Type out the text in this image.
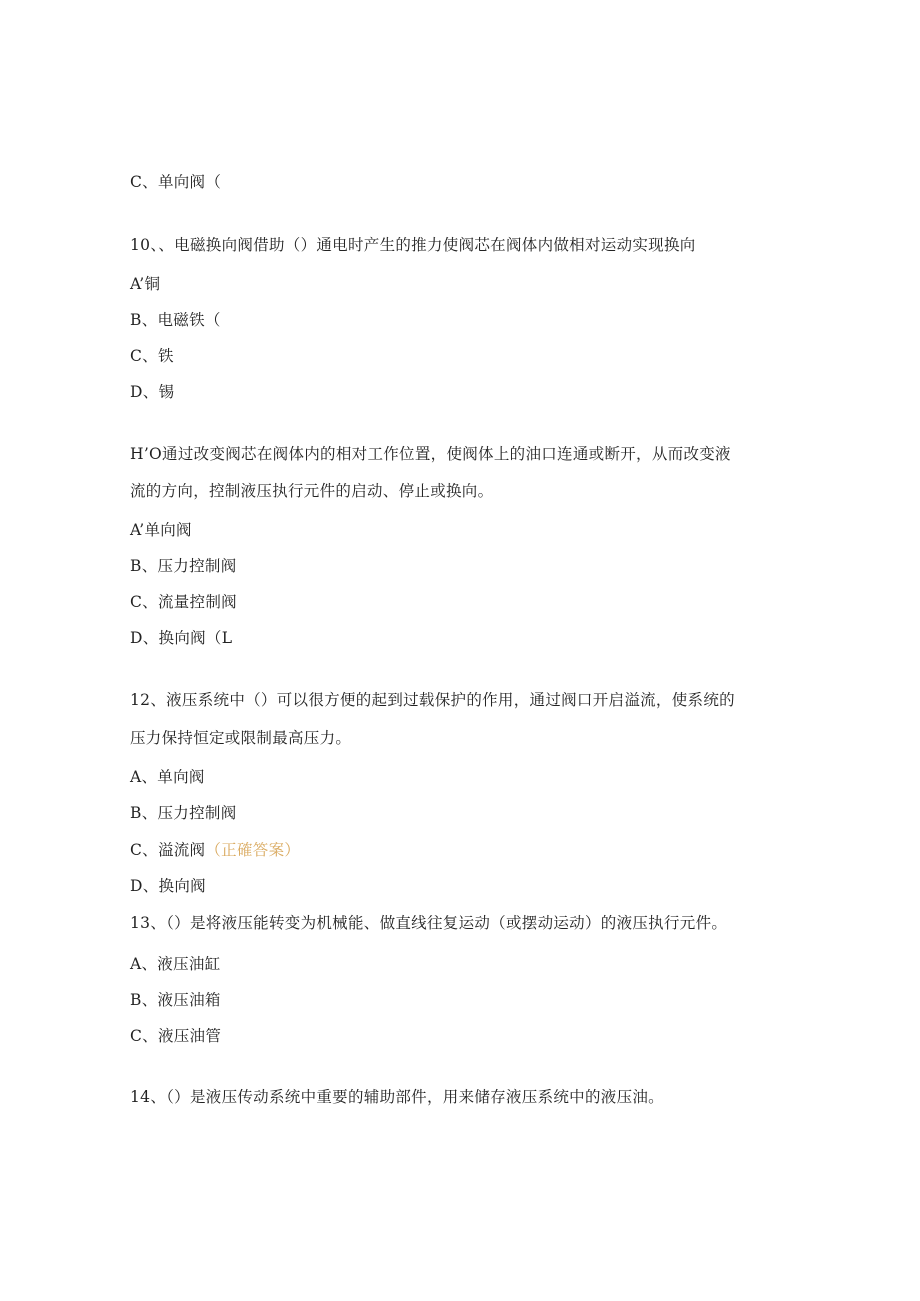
C、单向阀（
10、、电磁换向阀借助（）通电时产生的推力使阀芯在阀体内做相对运动实现换向
A’铜
B、电磁铁（
C、铁
D、锡
H’O通过改变阀芯在阀体内的相对工作位置，使阀体上的油口连通或断开，从而改变液
流的方向，控制液压执行元件的启动、停止或换向。
A’单向阀
B、压力控制阀
C、流量控制阀
D、换向阀（L
12、液压系统中（）可以很方便的起到过载保护的作用，通过阀口开启溢流，使系统的
压力保持恒定或限制最高压力。
A、单向阀
B、压力控制阀
C、溢流阀（正確答案）
D、换向阀
13、（）是将液压能转变为机械能、做直线往复运动（或摆动运动）的液压执行元件。
A、液压油缸
B、液压油箱
C、液压油管
14、（）是液压传动系统中重要的辅助部件，用来储存液压系统中的液压油。
